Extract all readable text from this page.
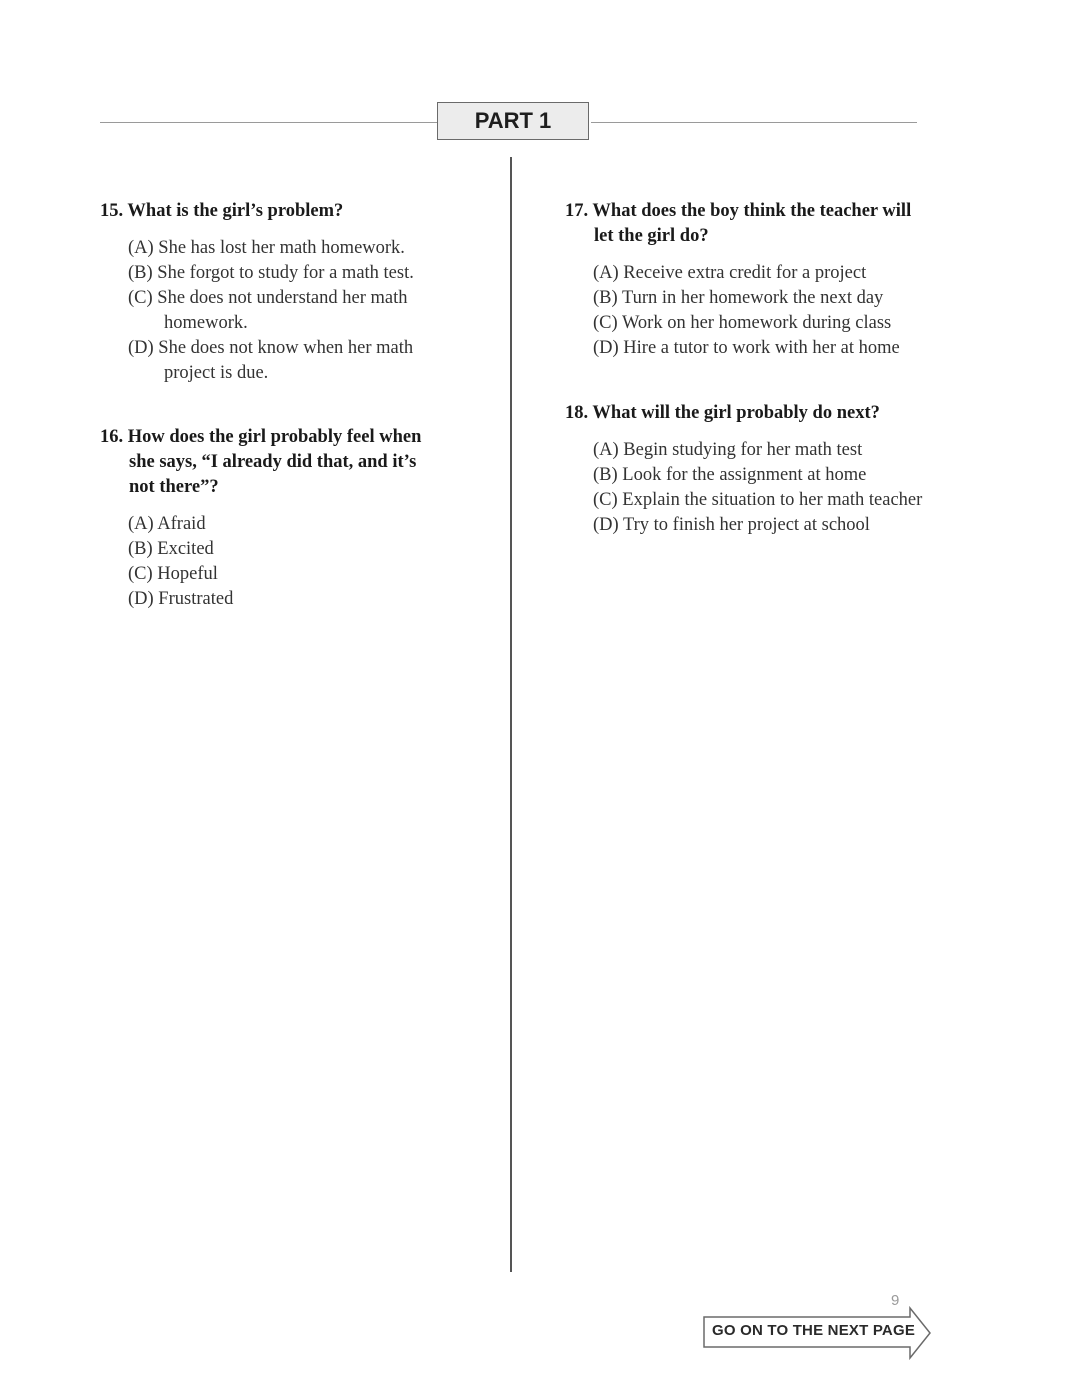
PART 1

15. What is the girl’s problem?

(A) She has lost her math homework.
(B) She forgot to study for a math test.
(C) She does not understand her math homework.
(D) She does not know when her math project is due.

16. How does the girl probably feel when she says, “I already did that, and it’s not there”?

(A) Afraid
(B) Excited
(C) Hopeful
(D) Frustrated

17. What does the boy think the teacher will let the girl do?

(A) Receive extra credit for a project
(B) Turn in her homework the next day
(C) Work on her homework during class
(D) Hire a tutor to work with her at home

18. What will the girl probably do next?

(A) Begin studying for her math test
(B) Look for the assignment at home
(C) Explain the situation to her math teacher
(D) Try to finish her project at school
9
GO ON TO THE NEXT PAGE
